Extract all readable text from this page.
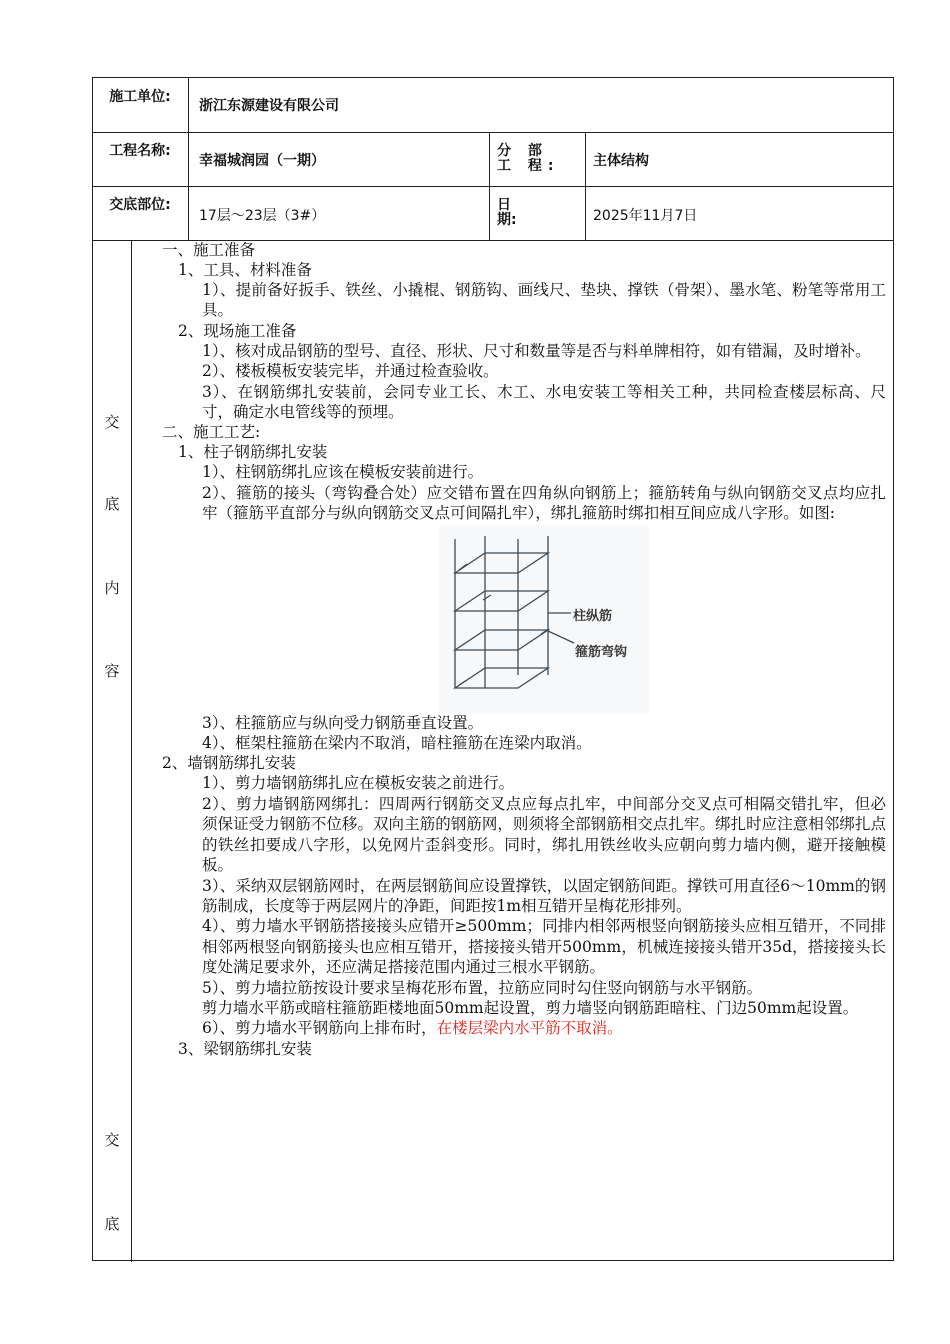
施工单位:
浙江东源建设有限公司
工程名称:
幸福城润园（一期）
分 部 工 程:	主体结构
交底部位:
17层～23层（3#）
日 期:	2025年11月7日
交
底
内
容
交
底
一、施工准备
1、工具、材料准备
1）、提前备好扳手、铁丝、小撬棍、钢筋钩、画线尺、垫块、撑铁（骨架）、墨水笔、粉笔等常用工具。
2、现场施工准备
1）、核对成品钢筋的型号、直径、形状、尺寸和数量等是否与料单牌相符，如有错漏，及时增补。
2）、楼板模板安装完毕，并通过检查验收。
3）、在钢筋绑扎安装前，会同专业工长、木工、水电安装工等相关工种，共同检查楼层标高、尺寸，确定水电管线等的预埋。
二、施工工艺:
1、柱子钢筋绑扎安装
1）、柱钢筋绑扎应该在模板安装前进行。
2）、箍筋的接头（弯钩叠合处）应交错布置在四角纵向钢筋上；箍筋转角与纵向钢筋交叉点均应扎牢（箍筋平直部分与纵向钢筋交叉点可间隔扎牢），绑扎箍筋时绑扣相互间应成八字形。如图:
柱纵筋
箍筋弯钩
3）、柱箍筋应与纵向受力钢筋垂直设置。
4）、框架柱箍筋在梁内不取消，暗柱箍筋在连梁内取消。
2、墙钢筋绑扎安装
1）、剪力墙钢筋绑扎应在模板安装之前进行。
2）、剪力墙钢筋网绑扎：四周两行钢筋交叉点应每点扎牢，中间部分交叉点可相隔交错扎牢，但必须保证受力钢筋不位移。双向主筋的钢筋网，则须将全部钢筋相交点扎牢。绑扎时应注意相邻绑扎点的铁丝扣要成八字形，以免网片歪斜变形。同时，绑扎用铁丝收头应朝向剪力墙内侧，避开接触模板。
3）、采纳双层钢筋网时，在两层钢筋间应设置撑铁，以固定钢筋间距。撑铁可用直径6～10mm的钢筋制成，长度等于两层网片的净距，间距按1m相互错开呈梅花形排列。
4）、剪力墙水平钢筋搭接接头应错开≥500mm；同排内相邻两根竖向钢筋接头应相互错开，不同排相邻两根竖向钢筋接头也应相互错开，搭接接头错开500mm，机械连接接头错开35d，搭接接头长度处满足要求外，还应满足搭接范围内通过三根水平钢筋。
5）、剪力墙拉筋按设计要求呈梅花形布置，拉筋应同时勾住竖向钢筋与水平钢筋。
剪力墙水平筋或暗柱箍筋距楼地面50mm起设置，剪力墙竖向钢筋距暗柱、门边50mm起设置。
6）、剪力墙水平钢筋向上排布时，在楼层梁内水平筋不取消。
3、梁钢筋绑扎安装
